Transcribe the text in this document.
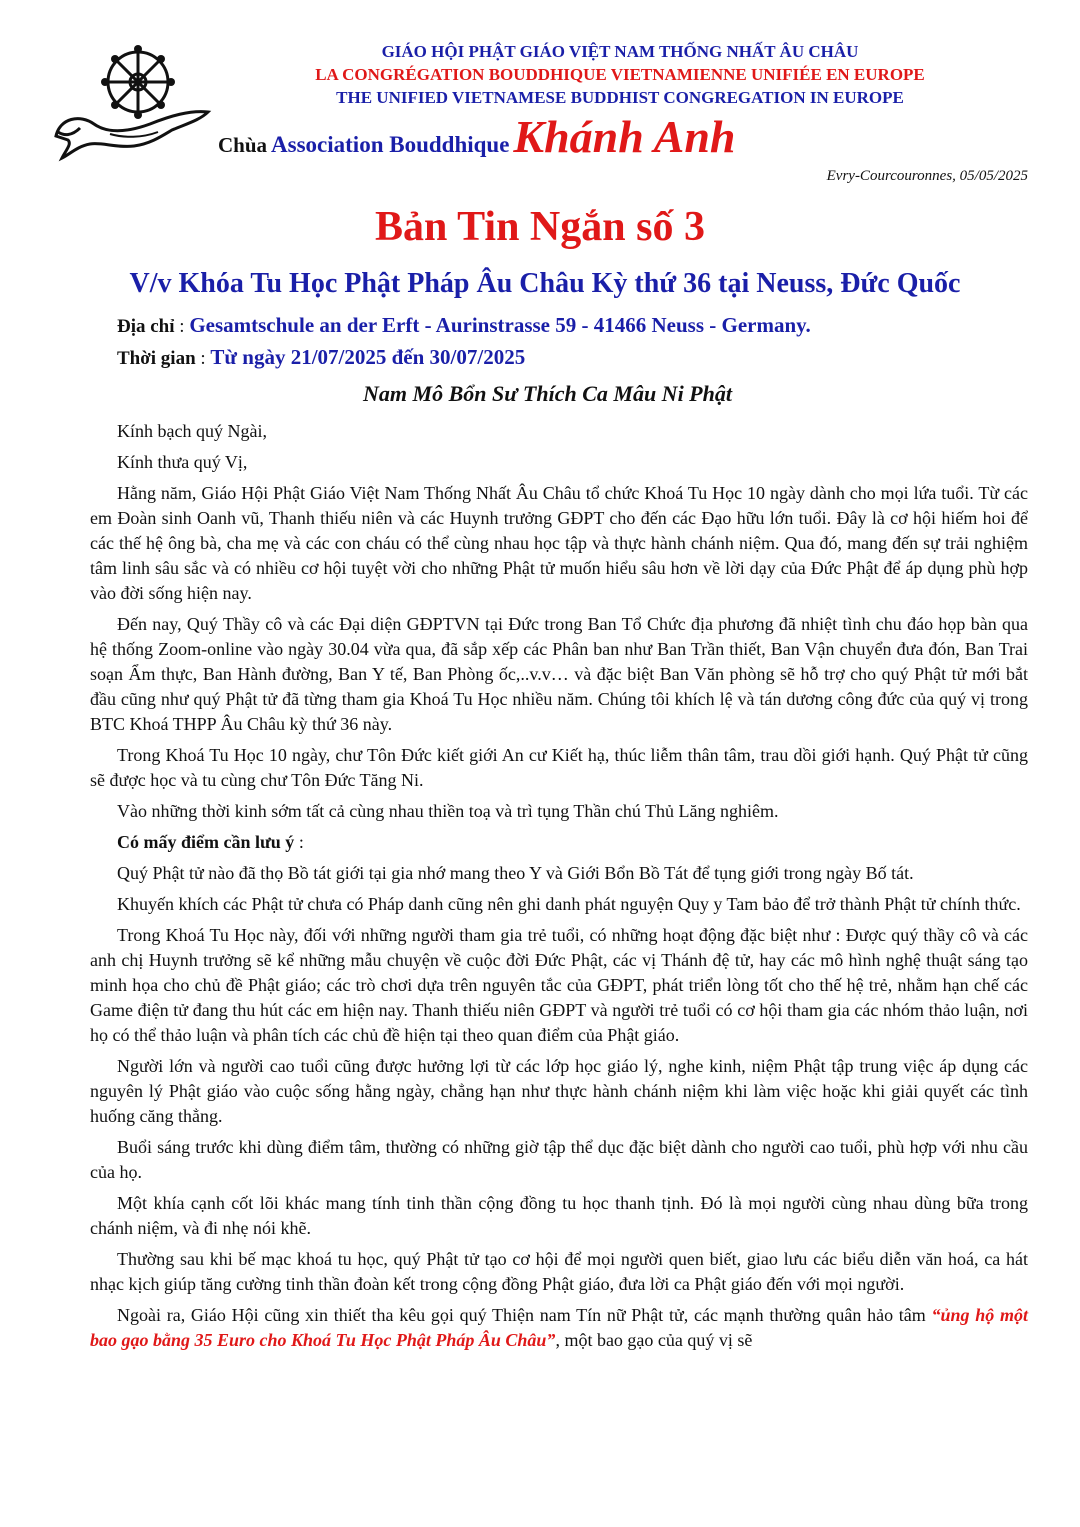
GIÁO HỘI PHẬT GIÁO VIỆT NAM THỐNG NHẤT ÂU CHÂU
LA CONGRÉGATION BOUDDHIQUE VIETNAMIENNE UNIFIÉE EN EUROPE
THE UNIFIED VIETNAMESE BUDDHIST CONGREGATION IN EUROPE
Chùa Association Bouddhique Khánh Anh
Evry-Courcouronnes, 05/05/2025
Bản Tin Ngắn số 3
V/v Khóa Tu Học Phật Pháp Âu Châu Kỳ thứ 36 tại Neuss, Đức Quốc
Địa chỉ : Gesamtschule an der Erft - Aurinstrasse 59 - 41466 Neuss - Germany.
Thời gian : Từ ngày 21/07/2025 đến 30/07/2025
Nam Mô Bổn Sư Thích Ca Mâu Ni Phật

Kính bạch quý Ngài,

Kính thưa quý Vị,

Hằng năm, Giáo Hội Phật Giáo Việt Nam Thống Nhất Âu Châu tổ chức Khoá Tu Học 10 ngày dành cho mọi lứa tuổi. Từ các em Đoàn sinh Oanh vũ, Thanh thiếu niên và các Huynh trưởng GĐPT cho đến các Đạo hữu lớn tuổi. Đây là cơ hội hiếm hoi để các thế hệ ông bà, cha mẹ và các con cháu có thể cùng nhau học tập và thực hành chánh niệm. Qua đó, mang đến sự trải nghiệm tâm linh sâu sắc và có nhiều cơ hội tuyệt vời cho những Phật tử muốn hiểu sâu hơn về lời dạy của Đức Phật để áp dụng phù hợp vào đời sống hiện nay.

Đến nay, Quý Thầy cô và các Đại diện GĐPTVN tại Đức trong Ban Tổ Chức địa phương đã nhiệt tình chu đáo họp bàn qua hệ thống Zoom-online vào ngày 30.04 vừa qua, đã sắp xếp các Phân ban như Ban Trần thiết, Ban Vận chuyển đưa đón, Ban Trai soạn Ẩm thực, Ban Hành đường, Ban Y tế, Ban Phòng ốc,..v.v… và đặc biệt Ban Văn phòng sẽ hỗ trợ cho quý Phật tử mới bắt đầu cũng như quý Phật tử đã từng tham gia Khoá Tu Học nhiều năm. Chúng tôi khích lệ và tán dương công đức của quý vị trong BTC Khoá THPP Âu Châu kỳ thứ 36 này.

Trong Khoá Tu Học 10 ngày, chư Tôn Đức kiết giới An cư Kiết hạ, thúc liễm thân tâm, trau dồi giới hạnh. Quý Phật tử cũng sẽ được học và tu cùng chư Tôn Đức Tăng Ni.

Vào những thời kinh sớm tất cả cùng nhau thiền toạ và trì tụng Thần chú Thủ Lăng nghiêm.

Có mấy điểm cần lưu ý :

Quý Phật tử nào đã thọ Bồ tát giới tại gia nhớ mang theo Y và Giới Bổn Bồ Tát để tụng giới trong ngày Bố tát.

Khuyến khích các Phật tử chưa có Pháp danh cũng nên ghi danh phát nguyện Quy y Tam bảo để trở thành Phật tử chính thức.

Trong Khoá Tu Học này, đối với những người tham gia trẻ tuổi, có những hoạt động đặc biệt như : Được quý thầy cô và các anh chị Huynh trưởng sẽ kể những mẫu chuyện về cuộc đời Đức Phật, các vị Thánh đệ tử, hay các mô hình nghệ thuật sáng tạo minh họa cho chủ đề Phật giáo; các trò chơi dựa trên nguyên tắc của GĐPT, phát triển lòng tốt cho thế hệ trẻ, nhằm hạn chế các Game điện tử đang thu hút các em hiện nay. Thanh thiếu niên GĐPT và người trẻ tuổi có cơ hội tham gia các nhóm thảo luận, nơi họ có thể thảo luận và phân tích các chủ đề hiện tại theo quan điểm của Phật giáo.

Người lớn và người cao tuổi cũng được hưởng lợi từ các lớp học giáo lý, nghe kinh, niệm Phật tập trung việc áp dụng các nguyên lý Phật giáo vào cuộc sống hằng ngày, chẳng hạn như thực hành chánh niệm khi làm việc hoặc khi giải quyết các tình huống căng thẳng.

Buổi sáng trước khi dùng điểm tâm, thường có những giờ tập thể dục đặc biệt dành cho người cao tuổi, phù hợp với nhu cầu của họ.

Một khía cạnh cốt lõi khác mang tính tinh thần cộng đồng tu học thanh tịnh. Đó là mọi người cùng nhau dùng bữa trong chánh niệm, và đi nhẹ nói khẽ.

Thường sau khi bế mạc khoá tu học, quý Phật tử tạo cơ hội để mọi người quen biết, giao lưu các biểu diễn văn hoá, ca hát nhạc kịch giúp tăng cường tinh thần đoàn kết trong cộng đồng Phật giáo, đưa lời ca Phật giáo đến với mọi người.

Ngoài ra, Giáo Hội cũng xin thiết tha kêu gọi quý Thiện nam Tín nữ Phật tử, các mạnh thường quân hảo tâm “ủng hộ một bao gạo bằng 35 Euro cho Khoá Tu Học Phật Pháp Âu Châu”, một bao gạo của quý vị sẽ
